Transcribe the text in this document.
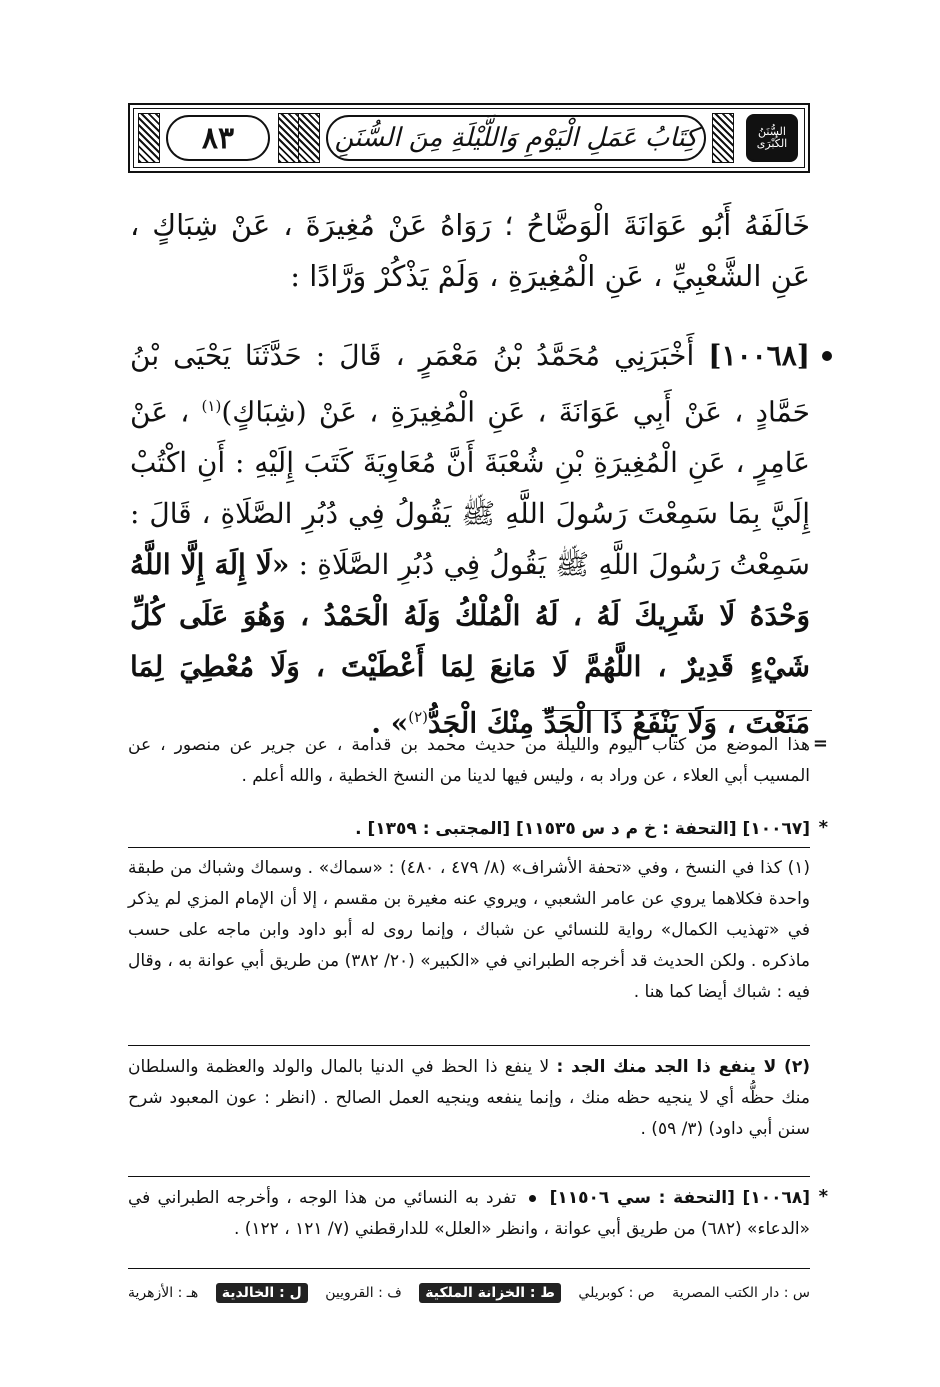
٨٣	كِتَابُ عَمَلِ الْيَوْمِ وَاللَّيْلَةِ مِنَ السُّنَنِ	السُّنَنُ الكُبْرَى
خَالَفَهُ أَبُو عَوَانَةَ الْوَضَّاحُ ؛ رَوَاهُ عَنْ مُغِيرَةَ ، عَنْ شِبَاكٍ ، عَنِ الشَّعْبِيِّ ، عَنِ الْمُغِيرَةِ ، وَلَمْ يَذْكُرْ وَرَّادًا :
[١٠٠٦٨] أَخْبَرَنِي مُحَمَّدُ بْنُ مَعْمَرٍ ، قَالَ : حَدَّثَنَا يَحْيَى بْنُ حَمَّادٍ ، عَنْ أَبِي عَوَانَةَ ، عَنِ الْمُغِيرَةِ ، عَنْ (شِبَاكٍ)$^{(١)}$ ، عَنْ عَامِرٍ ، عَنِ الْمُغِيرَةِ بْنِ شُعْبَةَ أَنَّ مُعَاوِيَةَ كَتَبَ إِلَيْهِ : أَنِ اكْتُبْ إِلَيَّ بِمَا سَمِعْتَ رَسُولَ اللَّهِ ﷺ يَقُولُ فِي دُبُرِ الصَّلَاةِ ، قَالَ : سَمِعْتُ رَسُولَ اللَّهِ ﷺ يَقُولُ فِي دُبُرِ الصَّلَاةِ : «لَا إِلَهَ إِلَّا اللَّهُ وَحْدَهُ لَا شَرِيكَ لَهُ ، لَهُ الْمُلْكُ وَلَهُ الْحَمْدُ ، وَهُوَ عَلَى كُلِّ شَيْءٍ قَدِيرٌ ، اللَّهُمَّ لَا مَانِعَ لِمَا أَعْطَيْتَ ، وَلَا مُعْطِيَ لِمَا مَنَعْتَ ، وَلَا يَنْفَعُ ذَا الْجَدِّ مِنْكَ الْجَدُّ$^{(٢)}$» .
=
هذا الموضع من كتاب اليوم والليلة من حديث محمد بن قدامة ، عن جرير عن منصور ، عن المسيب أبي العلاء ، عن وراد به ، وليس فيها لدينا من النسخ الخطية ، والله أعلم .
*
[١٠٠٦٧] [التحفة : خ م د س ١١٥٣٥] [المجتبى : ١٣٥٩] .
(١) كذا في النسخ ، وفي «تحفة الأشراف» (٨/ ٤٧٩ ، ٤٨٠) : «سماك» . وسماك وشباك من طبقة واحدة فكلاهما يروي عن عامر الشعبي ، ويروي عنه مغيرة بن مقسم ، إلا أن الإمام المزي لم يذكر في «تهذيب الكمال» رواية للنسائي عن شباك ، وإنما روى له أبو داود وابن ماجه على حسب ماذكره . ولكن الحديث قد أخرجه الطبراني في «الكبير» (٢٠/ ٣٨٢) من طريق أبي عوانة به ، وقال فيه : شباك أيضا كما هنا .
(٢) لا ينفع ذا الجد منك الجد : لا ينفع ذا الحظ في الدنيا بالمال والولد والعظمة والسلطان منك حظُّه أي لا ينجيه حظه منك ، وإنما ينفعه وينجيه العمل الصالح . (انظر : عون المعبود شرح سنن أبي داود) (٣/ ٥٩) .
*
[١٠٠٦٨] [التحفة : سي ١١٥٠٦]  تفرد به النسائي من هذا الوجه ، وأخرجه الطبراني في «الدعاء» (٦٨٢) من طريق أبي عوانة ، وانظر «العلل» للدارقطني (٧/ ١٢١ ، ١٢٢) .
س : دار الكتب المصرية
ص : كوبريلي
ط : الخزانة الملكية
ف : القرويين
ل : الخالدية
هـ : الأزهرية
